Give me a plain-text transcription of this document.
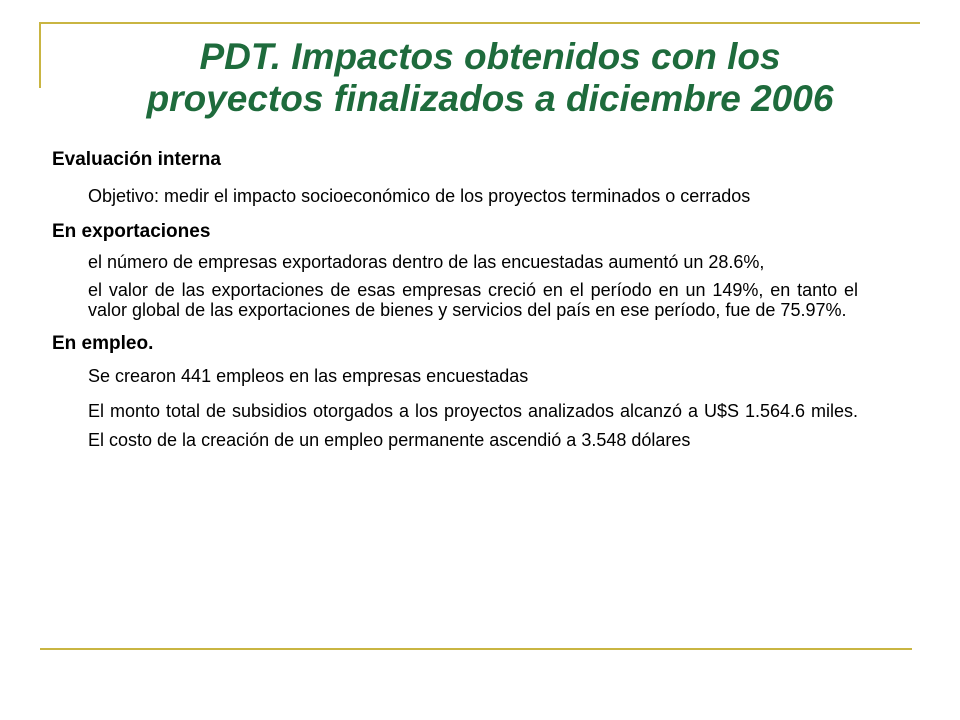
PDT. Impactos obtenidos con los
proyectos finalizados a diciembre 2006

Evaluación interna

Objetivo: medir el impacto socioeconómico de los proyectos terminados o cerrados

En exportaciones

el número de empresas exportadoras dentro de las encuestadas aumentó un 28.6%,

el valor de las exportaciones de esas empresas creció en el período en un 149%, en tanto el valor global de las exportaciones de bienes y servicios del país en ese período, fue de 75.97%.

En empleo.

Se crearon 441 empleos en las empresas encuestadas

El monto total de subsidios otorgados a los proyectos analizados alcanzó a U$S 1.564.6 miles. El costo de la creación de un empleo permanente ascendió a 3.548 dólares
